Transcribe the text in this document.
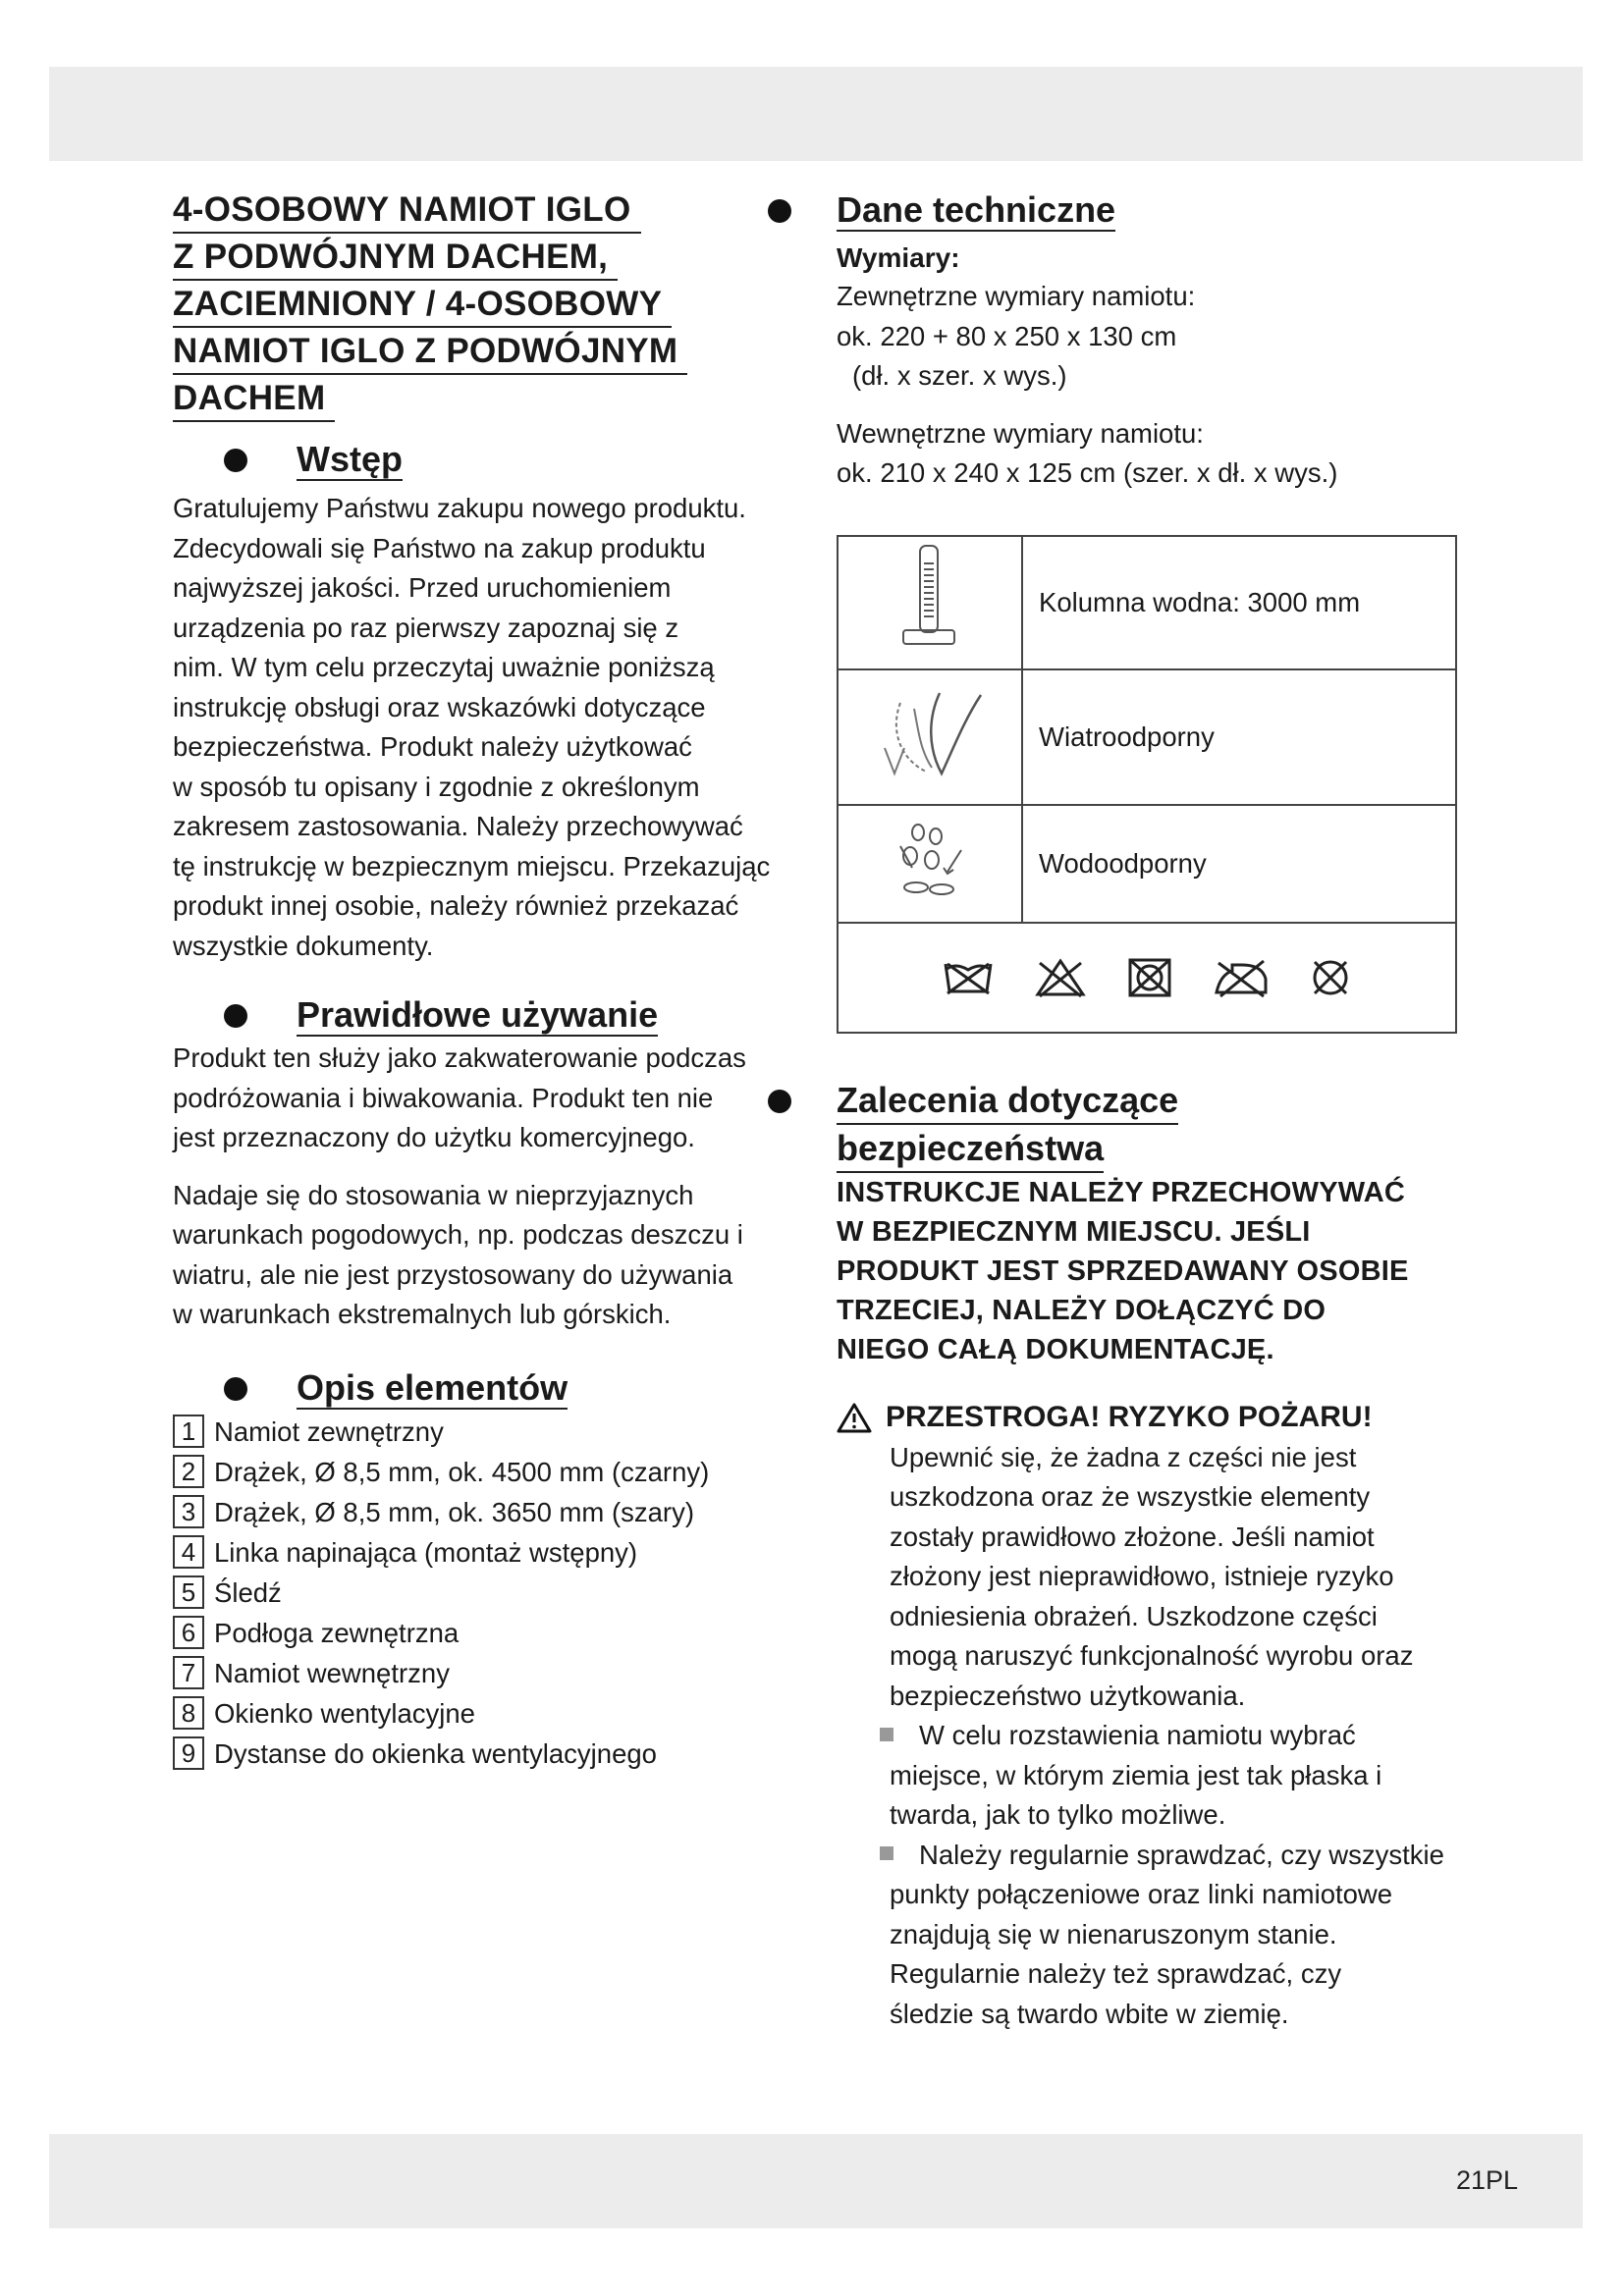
4-OSOBOWY NAMIOT IGLO
Z PODWÓJNYM DACHEM,
ZACIEMNIONY / 4-OSOBOWY
NAMIOT IGLO Z PODWÓJNYM
DACHEM
Wstęp

Gratulujemy Państwu zakupu nowego produktu.
Zdecydowali się Państwo na zakup produktu
najwyższej jakości. Przed uruchomieniem
urządzenia po raz pierwszy zapoznaj się z
nim. W tym celu przeczytaj uważnie poniższą
instrukcję obsługi oraz wskazówki dotyczące
bezpieczeństwa. Produkt należy użytkować
w sposób tu opisany i zgodnie z określonym
zakresem zastosowania. Należy przechowywać
tę instrukcję w bezpiecznym miejscu. Przekazując
produkt innej osobie, należy również przekazać
wszystkie dokumenty.

Prawidłowe używanie

Produkt ten służy jako zakwaterowanie podczas
podróżowania i biwakowania. Produkt ten nie
jest przeznaczony do użytku komercyjnego.

Nadaje się do stosowania w nieprzyjaznych
warunkach pogodowych, np. podczas deszczu i
wiatru, ale nie jest przystosowany do używania
w warunkach ekstremalnych lub górskich.

Opis elementów
1 Namiot zewnętrzny
2 Drążek, Ø 8,5 mm, ok. 4500 mm (czarny)
3 Drążek, Ø 8,5 mm, ok. 3650 mm (szary)
4 Linka napinająca (montaż wstępny)
5 Śledź
6 Podłoga zewnętrzna
7 Namiot wewnętrzny
8 Okienko wentylacyjne
9 Dystanse do okienka wentylacyjnego
Dane techniczne

Wymiary:

Zewnętrzne wymiary namiotu:
ok. 220 + 80 x 250 x 130 cm
(dł. x szer. x wys.)

Wewnętrzne wymiary namiotu:
ok. 210 x 240 x 125 cm (szer. x dł. x wys.)

	Kolumna wodna: 3000 mm
	Wiatroodporny
	Wodoodporny

Zalecenia dotyczące
bezpieczeństwa

INSTRUKCJE NALEŻY PRZECHOWYWAĆ
W BEZPIECZNYM MIEJSCU. JEŚLI
PRODUKT JEST SPRZEDAWANY OSOBIE
TRZECIEJ, NALEŻY DOŁĄCZYĆ DO
NIEGO CAŁĄ DOKUMENTACJĘ.

PRZESTROGA! RYZYKO POŻARU!

Upewnić się, że żadna z części nie jest
uszkodzona oraz że wszystkie elementy
zostały prawidłowo złożone. Jeśli namiot
złożony jest nieprawidłowo, istnieje ryzyko
odniesienia obrażeń. Uszkodzone części
mogą naruszyć funkcjonalność wyrobu oraz
bezpieczeństwo użytkowania.

W celu rozstawienia namiotu wybrać
miejsce, w którym ziemia jest tak płaska i
twarda, jak to tylko możliwe.

Należy regularnie sprawdzać, czy wszystkie
punkty połączeniowe oraz linki namiotowe
znajdują się w nienaruszonym stanie.
Regularnie należy też sprawdzać, czy
śledzie są twardo wbite w ziemię.

21PL
